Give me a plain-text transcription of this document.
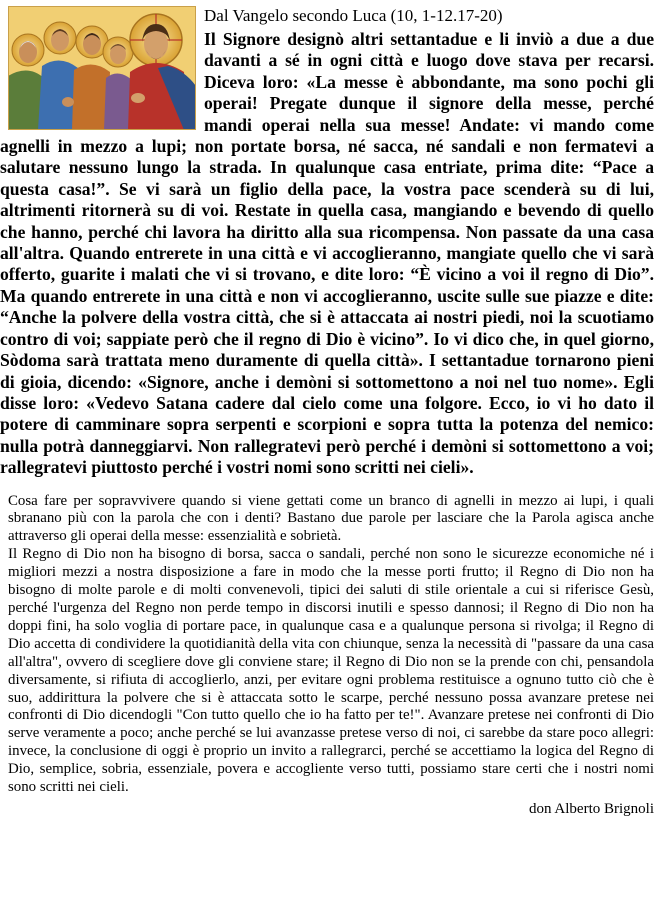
Dal Vangelo secondo Luca (10, 1-12.17-20)
Il Signore designò altri settantadue e li inviò a due a due davanti a sé in ogni città e luogo dove stava per recarsi. Diceva loro: «La messe è abbondante, ma sono pochi gli operai! Pregate dunque il signore della messe, perché mandi operai nella sua messe! Andate: vi mando come agnelli in mezzo a lupi; non portate borsa, né sacca, né sandali e non fermatevi a salutare nessuno lungo la strada. In qualunque casa entriate, prima dite: “Pace a questa casa!”. Se vi sarà un figlio della pace, la vostra pace scenderà su di lui, altrimenti ritornerà su di voi. Restate in quella casa, mangiando e bevendo di quello che hanno, perché chi lavora ha diritto alla sua ricompensa. Non passate da una casa all'altra. Quando entrerete in una città e vi accoglieranno, mangiate quello che vi sarà offerto, guarite i malati che vi si trovano, e dite loro: “È vicino a voi il regno di Dio”. Ma quando entrerete in una città e non vi accoglieranno, uscite sulle sue piazze e dite: “Anche la polvere della vostra città, che si è attaccata ai nostri piedi, noi la scuotiamo contro di voi; sappiate però che il regno di Dio è vicino”. Io vi dico che, in quel giorno, Sòdoma sarà trattata meno duramente di quella città». I settantadue tornarono pieni di gioia, dicendo: «Signore, anche i demòni si sottomettono a noi nel tuo nome». Egli disse loro: «Vedevo Satana cadere dal cielo come una folgore. Ecco, io vi ho dato il potere di camminare sopra serpenti e scorpioni e sopra tutta la potenza del nemico: nulla potrà danneggiarvi. Non rallegratevi però perché i demòni si sottomettono a voi; rallegratevi piuttosto perché i vostri nomi sono scritti nei cieli».

Cosa fare per sopravvivere quando si viene gettati come un branco di agnelli in mezzo ai lupi, i quali sbranano più con la parola che con i denti? Bastano due parole per lasciare che la Parola agisca anche attraverso gli operai della messe: essenzialità e sobrietà.

Il Regno di Dio non ha bisogno di borsa, sacca o sandali, perché non sono le sicurezze economiche né i migliori mezzi a nostra disposizione a fare in modo che la messe porti frutto; il Regno di Dio non ha bisogno di molte parole e di molti convenevoli, tipici dei saluti di stile orientale a cui si riferisce Gesù, perché l'urgenza del Regno non perde tempo in discorsi inutili e spesso dannosi; il Regno di Dio non ha doppi fini, ha solo voglia di portare pace, in qualunque casa e a qualunque persona si rivolga; il Regno di Dio accetta di condividere la quotidianità della vita con chiunque, senza la necessità di "passare da una casa all'altra", ovvero di scegliere dove gli conviene stare; il Regno di Dio non se la prende con chi, pensandola diversamente, si rifiuta di accoglierlo, anzi, per evitare ogni problema restituisce a ognuno tutto ciò che è suo, addirittura la polvere che si è attaccata sotto le scarpe, perché nessuno possa avanzare pretese nei confronti di Dio dicendogli "Con tutto quello che io ha fatto per te!". Avanzare pretese nei confronti di Dio serve veramente a poco; anche perché se lui avanzasse pretese verso di noi, ci sarebbe da stare poco allegri: invece, la conclusione di oggi è proprio un invito a rallegrarci, perché se accettiamo la logica del Regno di Dio, semplice, sobria, essenziale, povera e accogliente verso tutti, possiamo stare certi che i nostri nomi sono scritti nei cieli.

don Alberto Brignoli
